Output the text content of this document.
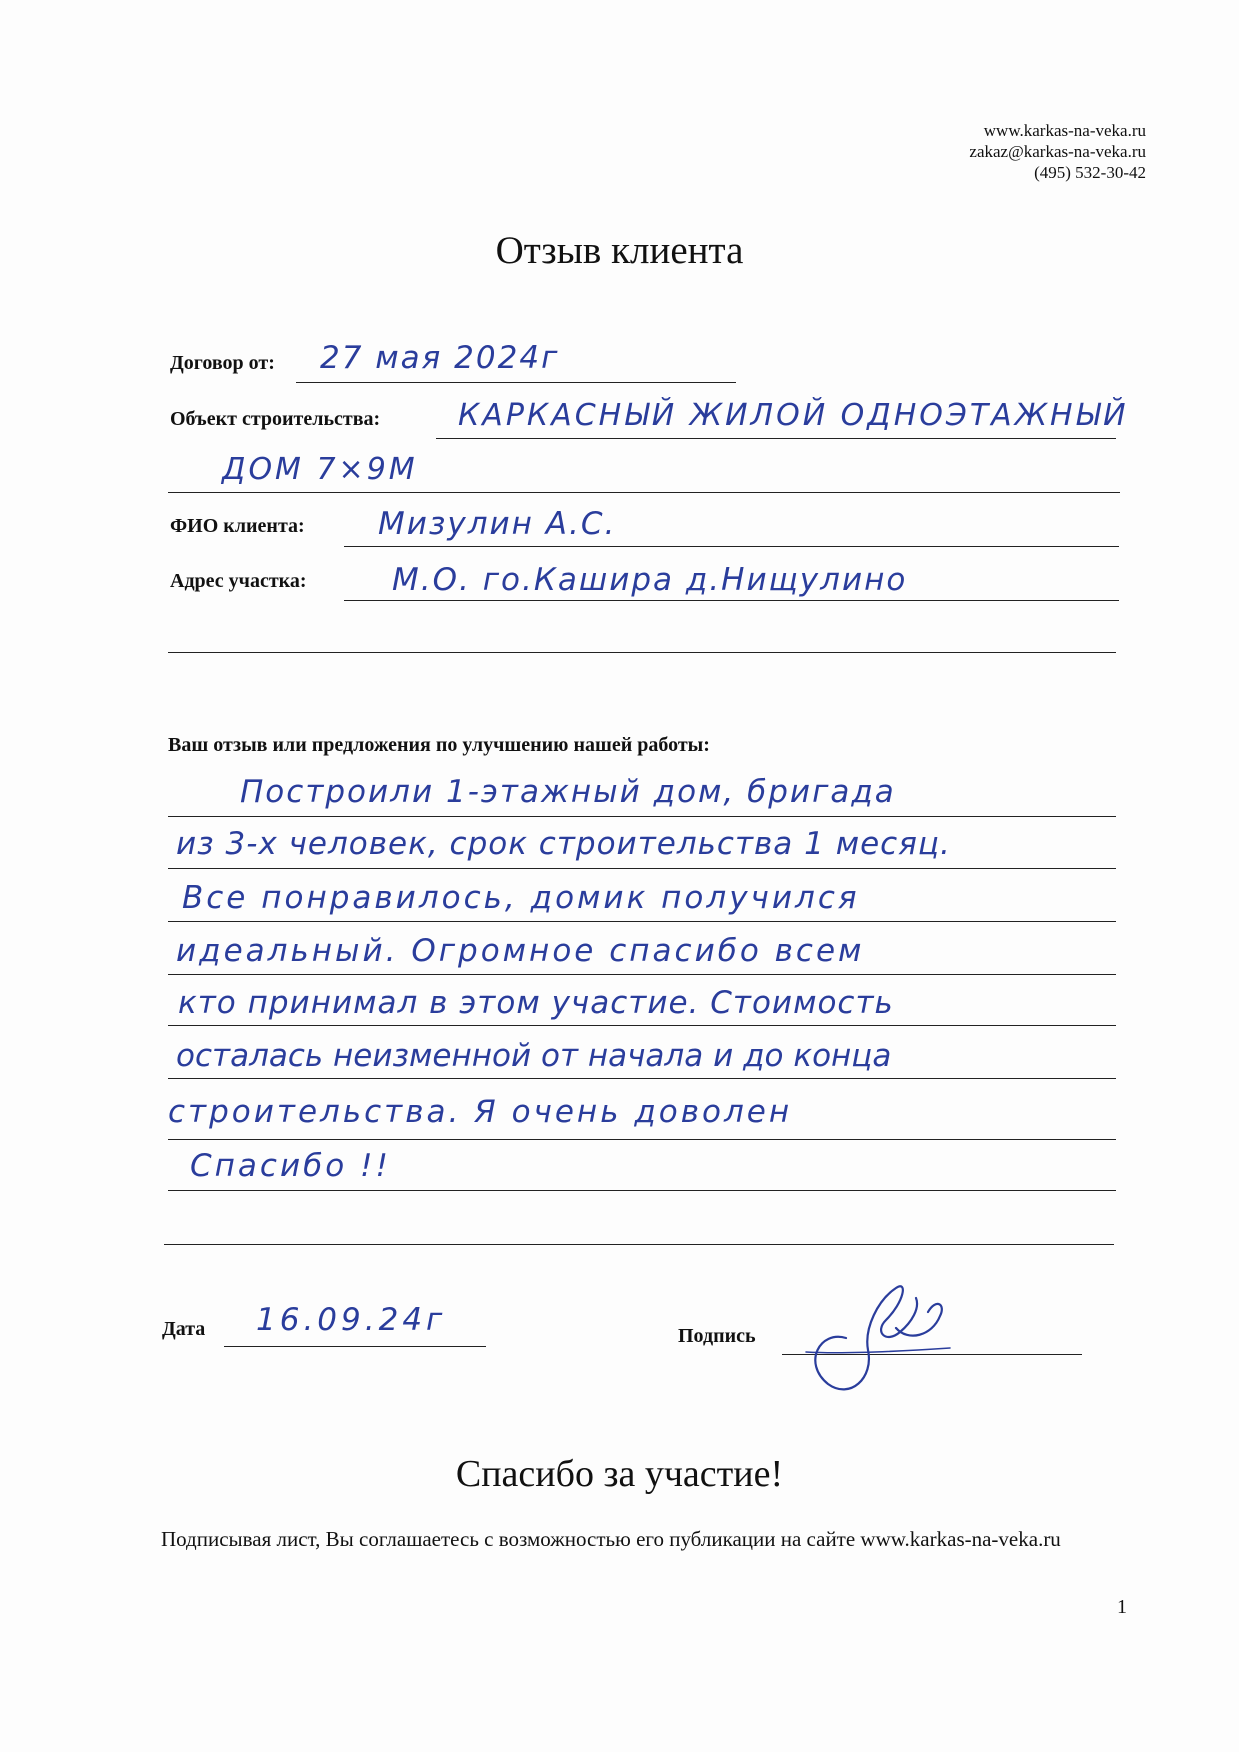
www.karkas-na-veka.ru
zakaz@karkas-na-veka.ru
(495) 532-30-42
Отзыв клиента
Договор от: 27 мая 2024г
Объект строительства:	КАРКАСНЫЙ ЖИЛОЙ ОДНОЭТАЖНЫЙ
ДОМ 7×9М
ФИО клиента: Мизулин А.С.
Адрес участка:	М.О. го.Кашира д.Нищулино
Ваш отзыв или предложения по улучшению нашей работы:
Построили 1-этажный дом, бригада
из 3-х человек, срок строительства 1 месяц.
Все понравилось, домик получился
идеальный. Огромное спасибо всем
кто принимал в этом участие. Стоимость
осталась неизменной от начала и до конца
строительства. Я очень доволен
Спасибо !!
Дата 16.09.24г	Подпись
Спасибо за участие!
Подписывая лист, Вы соглашаетесь с возможностью его публикации на сайте www.karkas-na-veka.ru
1
